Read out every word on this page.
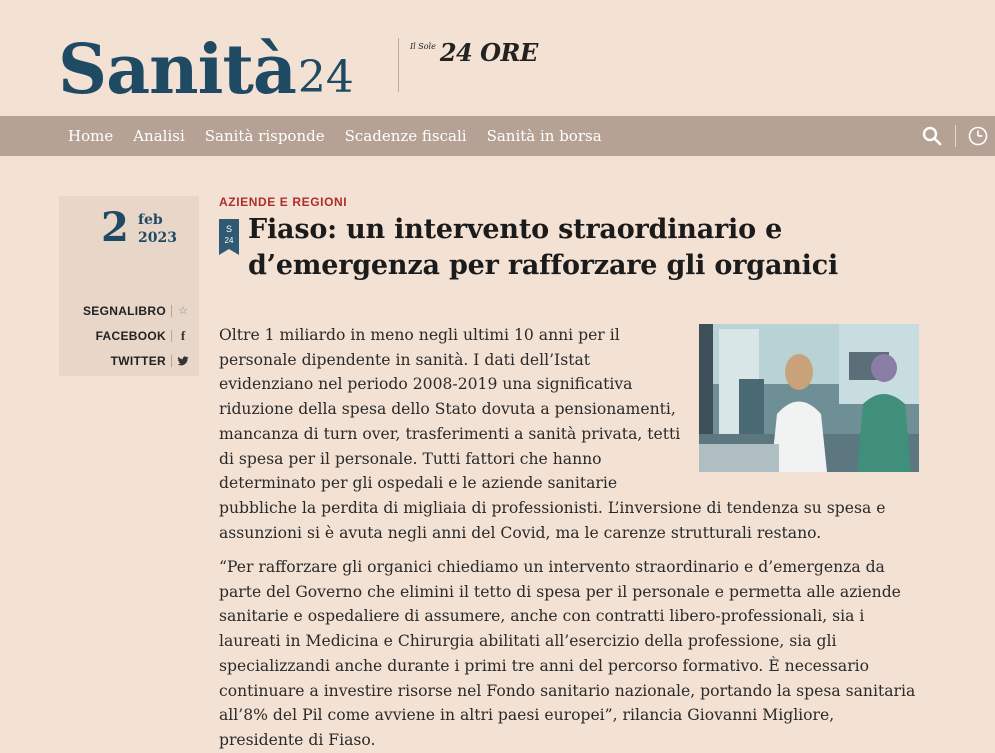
Sanità 24
Il Sole 24 ORE
Home	Analisi	Sanità risponde	Scadenze fiscali	Sanità in borsa
2 feb
2023
SEGNALIBRO ☆
FACEBOOK f
TWITTER
AZIENDE E REGIONI
S
24 Fiaso: un intervento straordinario e d’emergenza per rafforzare gli organici

Oltre 1 miliardo in meno negli ultimi 10 anni per il personale dipendente in sanità. I dati dell’Istat evidenziano nel periodo 2008-2019 una significativa riduzione della spesa dello Stato dovuta a pensionamenti, mancanza di turn over, trasferimenti a sanità privata, tetti di spesa per il personale. Tutti fattori che hanno determinato per gli ospedali e le aziende sanitarie pubbliche la perdita di migliaia di professionisti. L’inversione di tendenza su spesa e assunzioni si è avuta negli anni del Covid, ma le carenze strutturali restano.

“Per rafforzare gli organici chiediamo un intervento straordinario e d’emergenza da parte del Governo che elimini il tetto di spesa per il personale e permetta alle aziende sanitarie e ospedaliere di assumere, anche con contratti libero-professionali, sia i laureati in Medicina e Chirurgia abilitati all’esercizio della professione, sia gli specializzandi anche durante i primi tre anni del percorso formativo. È necessario continuare a investire risorse nel Fondo sanitario nazionale, portando la spesa sanitaria all’8% del Pil come avviene in altri paesi europei”, rilancia Giovanni Migliore, presidente di Fiaso.
